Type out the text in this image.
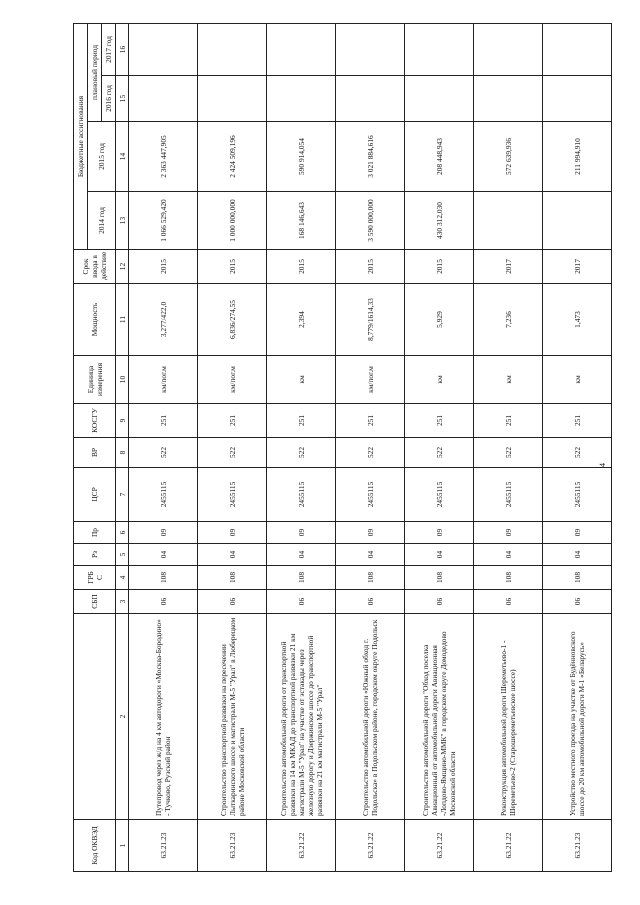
Код ОКВЭД		СБП	ГРБ С	Рз	Пр	ЦСР	ВР	КОСГУ	Единица измерения	Мощность	Срок ввода в действие	Бюджетные ассигнования			
												2014 год	2015 год	плановый период	
														2016 год	2017 год
1	2	3	4	5	6	7	8	9	10	11	12	13	14	15	16
63.21.23	Путепровод через ж/д на 4 км автодороги «Москва-Бородино» - Тучково, Рузский район	06	108	04	09	2455115	522	251	км/пог.м	3,277/422,0	2015	1 066 529,420	2 363 447,905		
63.21.23	Строительство транспортной развязки на пересечении Лыткаринского шоссе и магистрали М-5 "Урал" в Люберецком районе Московской области	06	108	04	09	2455115	522	251	км/пог.м	6,836/274,55	2015	1 000 000,000	2 424 509,196		
63.21.22	Строительство автомобильной дороги от транспортной развязки на 14 км МКАД до транспортной развязки 21 км магистрали М-5 "Урал" на участке от эстакады через железную дорогу и Дзержинское шоссе до транспортной развязки на 21 км магистрали М-5 "Урал"	06	108	04	09	2455115	522	251	км	2,394	2015	168 146,643	590 914,054		
63.21.22	Строительство автомобильной дороги «Южный обход г. Подольска» в Подольском районе, городском округе Подольск	06	108	04	09	2455115	522	251	км/пог.м	8,779/1614,33	2015	3 590 000,000	3 021 884,616		
63.21.22	Строительство автомобильной дороги "Обход поселка Авиационный от автомобильной дороги Авиационная -Лопдово-Ямщино-ММК" в городском округе Домодедово Московской области	06	108	04	09	2455115	522	251	км	5,929	2015	430 312,030	208 448,943		
63.21.22	Реконструкция автомобильной дороги Шереметьево-1 - Шереметьево-2 (Старошереметьевское шоссе)	06	108	04	09	2455115	522	251	км	7,236	2017		572 639,936		
63.21.23	Устройство местного проезда на участке от Будённовского шоссе до 20 км автомобильной дороги М-1 «Беларусь»	06	108	04	09	2455115	522	251	км	1,473	2017		211 994,910		
4
